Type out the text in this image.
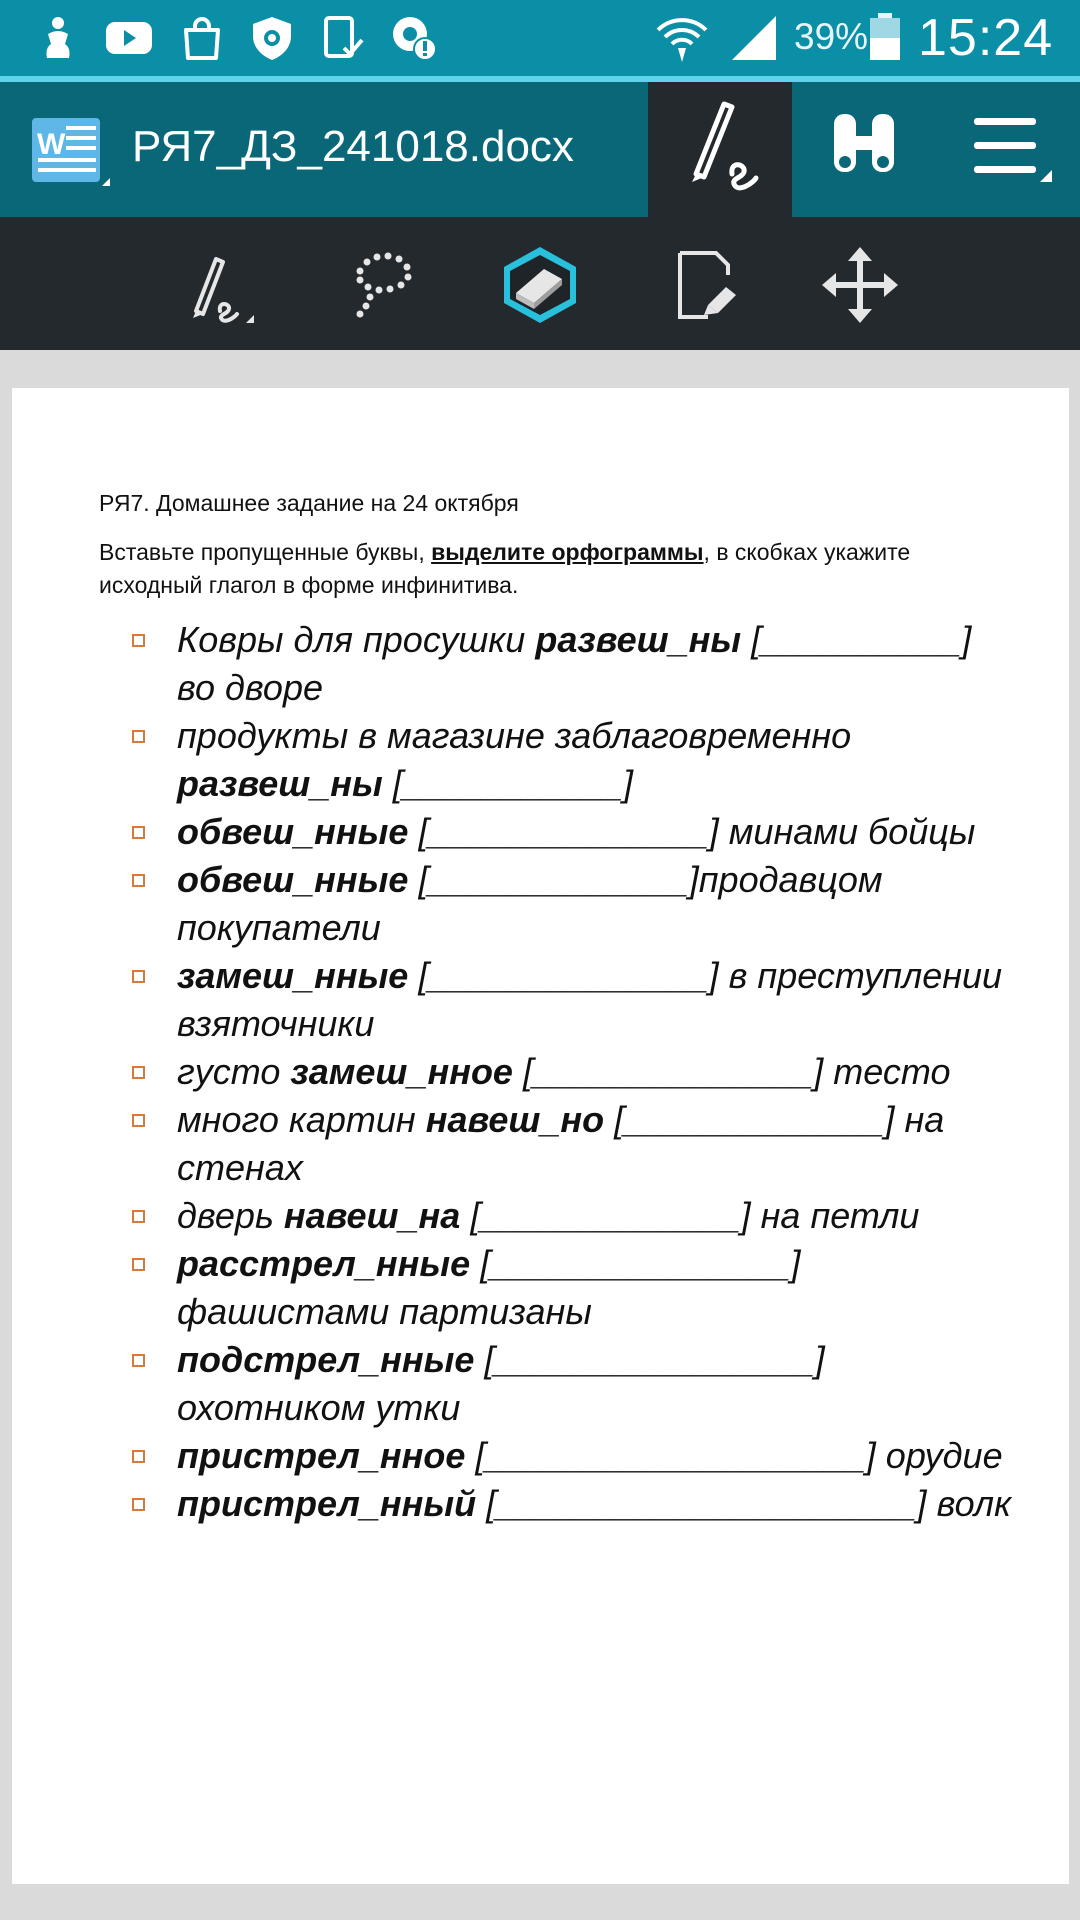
39% 15:24
W РЯ7_ДЗ_241018.docx
РЯ7. Домашнее задание на 24 октября
Вставьте пропущенные буквы, выделите орфограммы, в скобках укажите исходный глагол в форме инфинитива.
Ковры для просушки развеш_ны [__________] во дворе
продукты в магазине заблаговременно развеш_ны [___________]
обвеш_нные [______________] минами бойцы
обвеш_нные [_____________]продавцом покупатели
замеш_нные [______________] в преступлении взяточники
густо замеш_нное [______________] тесто
много картин навеш_но [_____________] на стенах
дверь навеш_на [_____________] на петли
расстрел_нные [_______________] фашистами партизаны
подстрел_нные [________________] охотником утки
пристрел_нное [___________________] орудие
пристрел_нный [_____________________] волк
